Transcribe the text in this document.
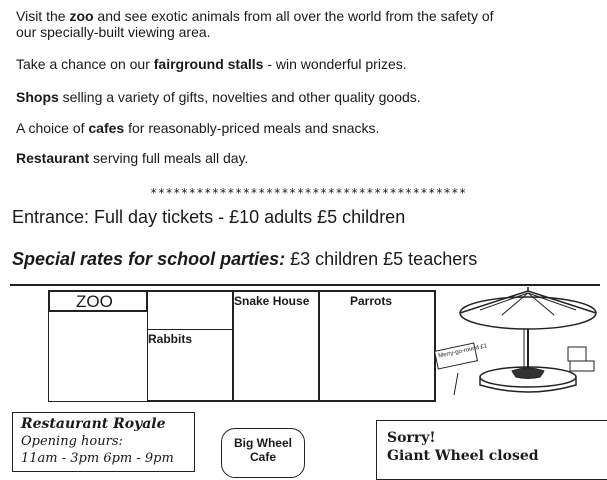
Visit the zoo and see exotic animals from all over the world from the safety of
our specially-built viewing area.
Take a chance on our fairground stalls - win wonderful prizes.
Shops selling a variety of gifts, novelties and other quality goods.
A choice of cafes for reasonably-priced meals and snacks.
Restaurant serving full meals all day.
*****************************************
Entrance: Full day tickets - £10 adults £5 children
Special rates for school parties: £3 children £5 teachers
ZOO
Rabbits
Snake House	Parrots
Merry-go-round £1
Restaurant Royale
Opening hours:
11am - 3pm 6pm - 9pm
Big Wheel
Cafe
Sorry!
Giant Wheel closed
